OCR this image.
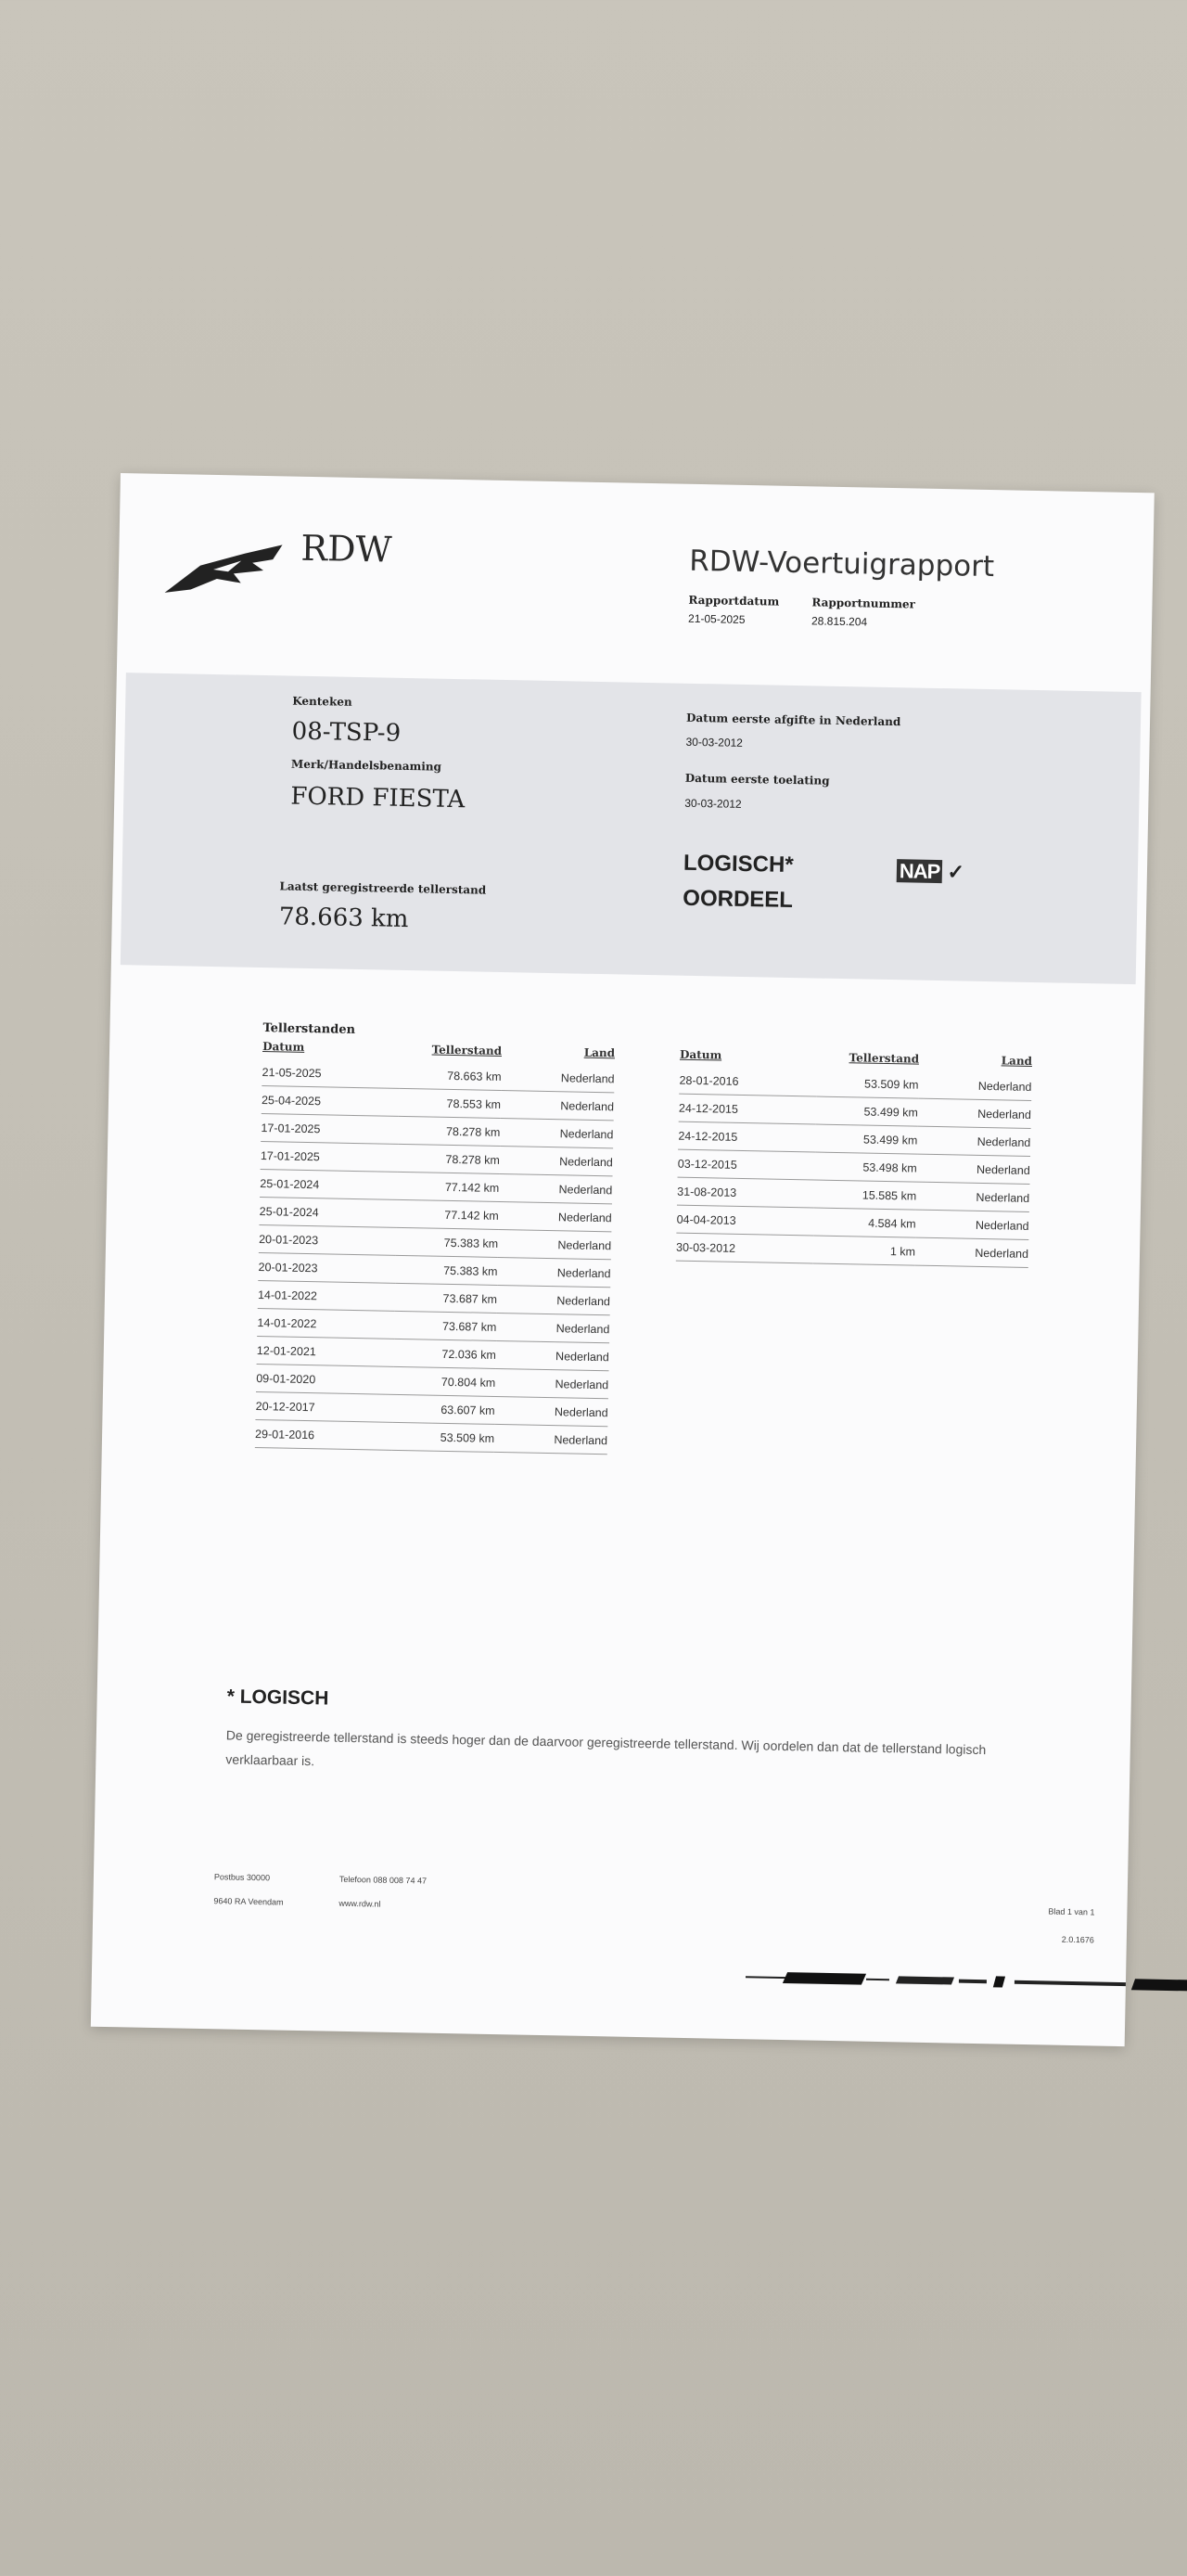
RDW	RDW-Voertuigrapport
Rapportdatum
21-05-2025
Rapportnummer
28.815.204
Kenteken
08-TSP-9
Merk/Handelsbenaming
FORD FIESTA
Laatst geregistreerde tellerstand
78.663 km
Datum eerste afgifte in Nederland
30-03-2012
Datum eerste toelating
30-03-2012
LOGISCH*
OORDEEL
NAP ✓
Tellerstanden
Datum	Tellerstand	Land
21-05-2025	78.663 km	Nederland
25-04-2025	78.553 km	Nederland
17-01-2025	78.278 km	Nederland
17-01-2025	78.278 km	Nederland
25-01-2024	77.142 km	Nederland
25-01-2024	77.142 km	Nederland
20-01-2023	75.383 km	Nederland
20-01-2023	75.383 km	Nederland
14-01-2022	73.687 km	Nederland
14-01-2022	73.687 km	Nederland
12-01-2021	72.036 km	Nederland
09-01-2020	70.804 km	Nederland
20-12-2017	63.607 km	Nederland
29-01-2016	53.509 km	Nederland
Datum	Tellerstand	Land
28-01-2016	53.509 km	Nederland
24-12-2015	53.499 km	Nederland
24-12-2015	53.499 km	Nederland
03-12-2015	53.498 km	Nederland
31-08-2013	15.585 km	Nederland
04-04-2013	4.584 km	Nederland
30-03-2012	1 km	Nederland
* LOGISCH
De geregistreerde tellerstand is steeds hoger dan de daarvoor geregistreerde tellerstand. Wij oordelen dan dat de tellerstand logisch verklaarbaar is.
Postbus 30000
9640 RA Veendam
Telefoon 088 008 74 47
www.rdw.nl
Blad 1 van 1
2.0.1676
